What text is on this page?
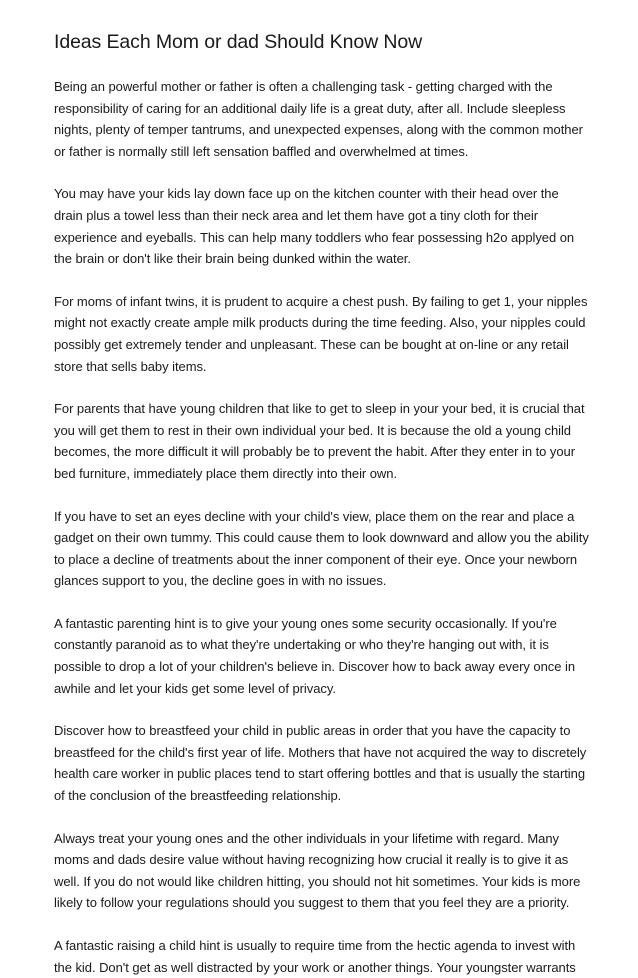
Ideas Each Mom or dad Should Know Now

Being an powerful mother or father is often a challenging task - getting charged with the responsibility of caring for an additional daily life is a great duty, after all. Include sleepless nights, plenty of temper tantrums, and unexpected expenses, along with the common mother or father is normally still left sensation baffled and overwhelmed at times.

You may have your kids lay down face up on the kitchen counter with their head over the drain plus a towel less than their neck area and let them have got a tiny cloth for their experience and eyeballs. This can help many toddlers who fear possessing h2o applyed on the brain or don't like their brain being dunked within the water.

For moms of infant twins, it is prudent to acquire a chest push. By failing to get 1, your nipples might not exactly create ample milk products during the time feeding. Also, your nipples could possibly get extremely tender and unpleasant. These can be bought at on-line or any retail store that sells baby items.

For parents that have young children that like to get to sleep in your your bed, it is crucial that you will get them to rest in their own individual your bed. It is because the old a young child becomes, the more difficult it will probably be to prevent the habit. After they enter in to your bed furniture, immediately place them directly into their own.

If you have to set an eyes decline with your child's view, place them on the rear and place a gadget on their own tummy. This could cause them to look downward and allow you the ability to place a decline of treatments about the inner component of their eye. Once your newborn glances support to you, the decline goes in with no issues.

A fantastic parenting hint is to give your young ones some security occasionally. If you're constantly paranoid as to what they're undertaking or who they're hanging out with, it is possible to drop a lot of your children's believe in. Discover how to back away every once in awhile and let your kids get some level of privacy.

Discover how to breastfeed your child in public areas in order that you have the capacity to breastfeed for the child's first year of life. Mothers that have not acquired the way to discretely health care worker in public places tend to start offering bottles and that is usually the starting of the conclusion of the breastfeeding relationship.

Always treat your young ones and the other individuals in your lifetime with regard. Many moms and dads desire value without having recognizing how crucial it really is to give it as well. If you do not would like children hitting, you should not hit sometimes. Your kids is more likely to follow your regulations should you suggest to them that you feel they are a priority.

A fantastic raising a child hint is usually to require time from the hectic agenda to invest with the kid. Don't get as well distracted by your work or another things. Your youngster warrants
